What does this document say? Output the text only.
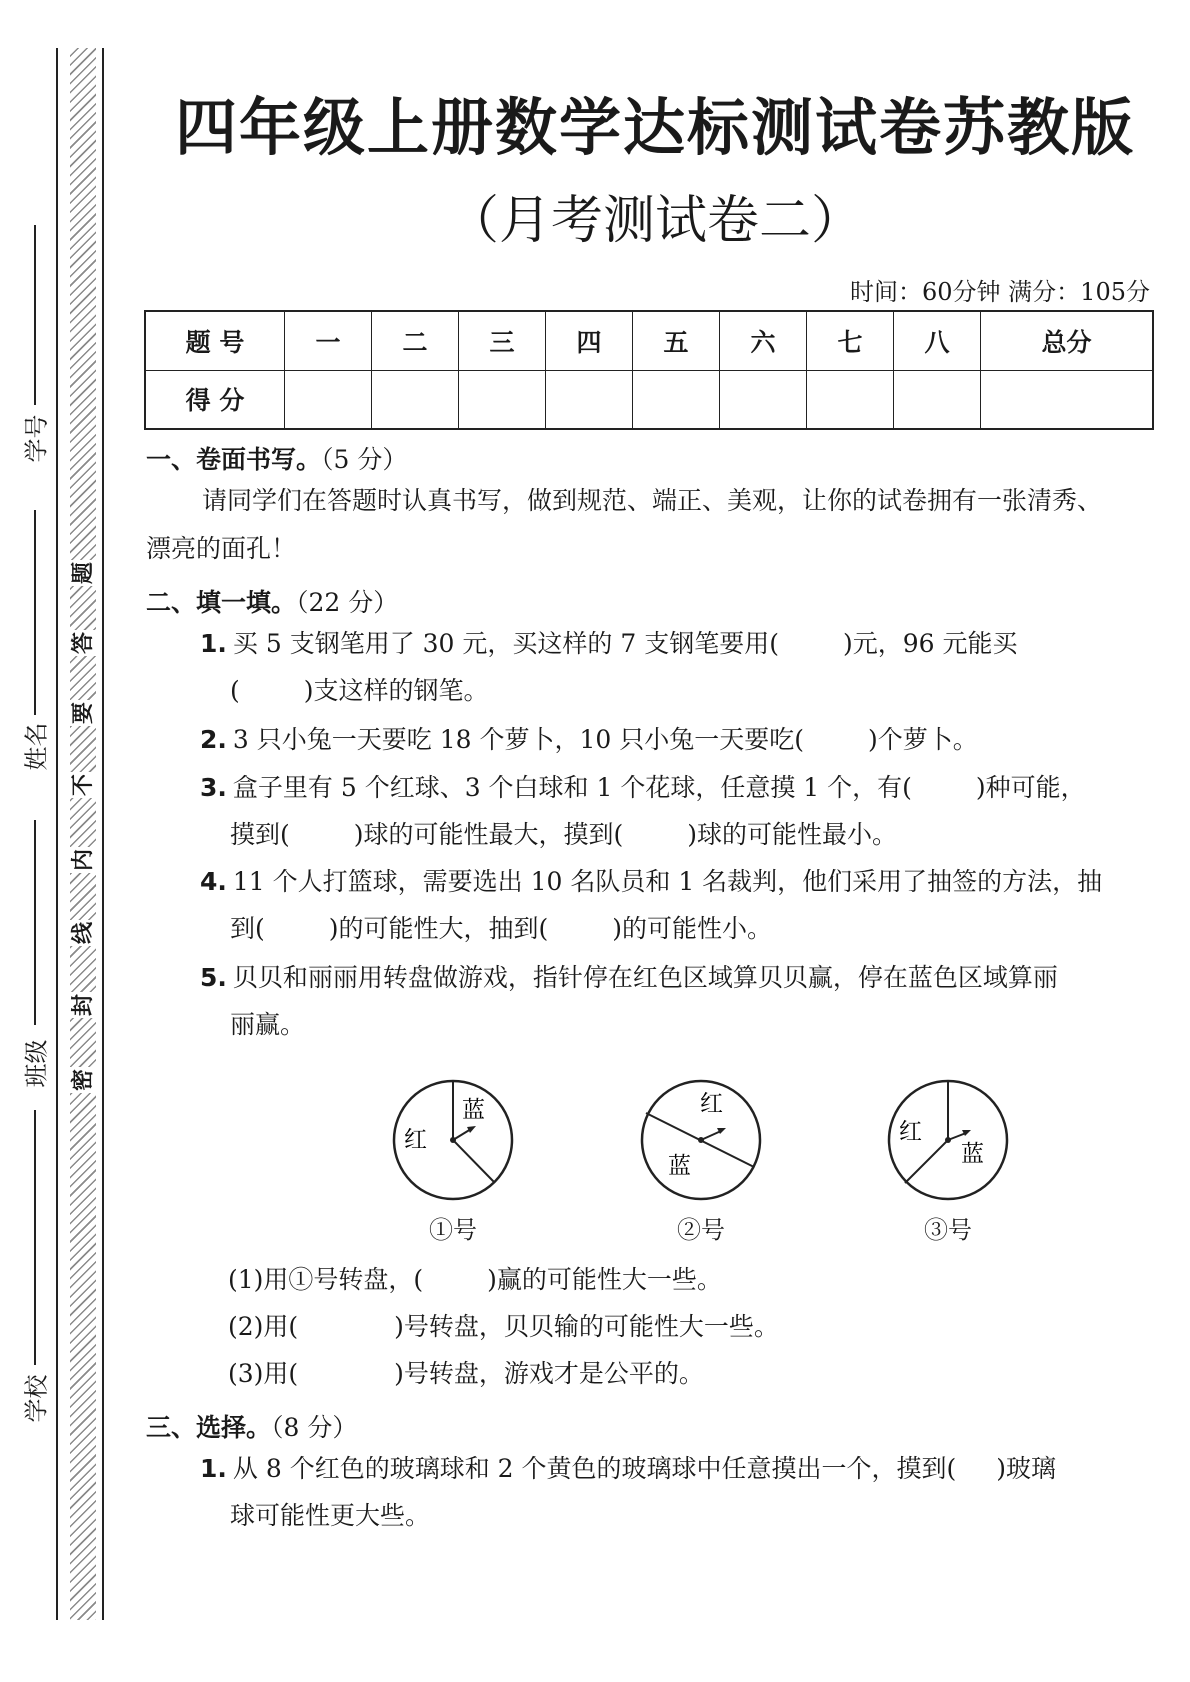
学号
姓名
班级
学校
题
答
要
不
内
线
封
密
四年级上册数学达标测试卷苏教版
（月考测试卷二）
时间：60分钟 满分：105分
题 号	一	二	三	四	五	六	七	八	总分
得 分									
一、卷面书写。（5 分）
请同学们在答题时认真书写，做到规范、端正、美观，让你的试卷拥有一张清秀、
漂亮的面孔！
二、填一填。（22 分）
1. 买 5 支钢笔用了 30 元，买这样的 7 支钢笔要用(	)元，96 元能买
(	)支这样的钢笔。
2. 3 只小兔一天要吃 18 个萝卜，10 只小兔一天要吃(	)个萝卜。
3. 盒子里有 5 个红球、3 个白球和 1 个花球，任意摸 1 个，有(	)种可能，
摸到(	)球的可能性最大，摸到(	)球的可能性最小。
4. 11 个人打篮球，需要选出 10 名队员和 1 名裁判，他们采用了抽签的方法，抽
到(	)的可能性大，抽到(	)的可能性小。
5. 贝贝和丽丽用转盘做游戏，指针停在红色区域算贝贝赢，停在蓝色区域算丽
丽赢。
蓝
红
①号
红
蓝
②号
红
蓝
③号
(1)用①号转盘，(	)赢的可能性大一些。
(2)用(	)号转盘，贝贝输的可能性大一些。
(3)用(	)号转盘，游戏才是公平的。
三、选择。（8 分）
1. 从 8 个红色的玻璃球和 2 个黄色的玻璃球中任意摸出一个，摸到( )玻璃
球可能性更大些。
